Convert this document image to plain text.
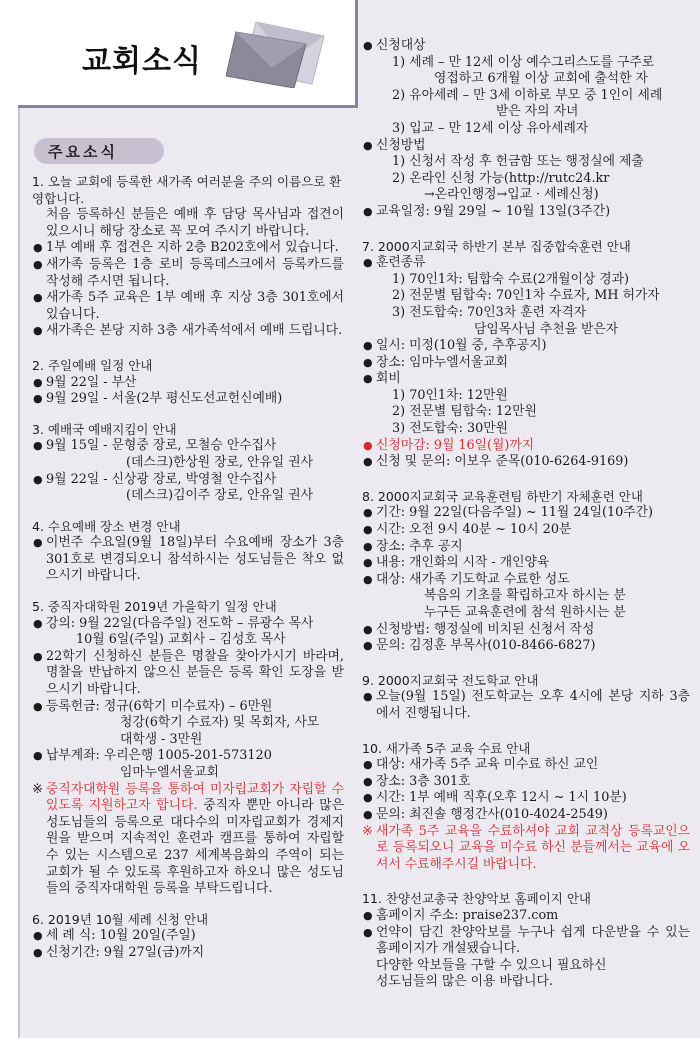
교회소식
주요소식
1. 오늘 교회에 등록한 새가족 여러분을 주의 이름으로 환영합니다.
처음 등록하신 분들은 예배 후 담당 목사님과 접견이 있으시니 해당 장소로 꼭 모여 주시기 바랍니다.
● 1부 예배 후 접견은 지하 2층 B202호에서 있습니다.
● 새가족 등록은 1층 로비 등록데스크에서 등록카드를 작성해 주시면 됩니다.
● 새가족 5주 교육은 1부 예배 후 지상 3층 301호에서 있습니다.
● 새가족은 본당 지하 3층 새가족석에서 예배 드립니다.
2. 주일예배 일정 안내
● 9월 22일 - 부산
● 9월 29일 - 서울(2부 평신도선교헌신예배)
3. 예배국 예배지킴이 안내
● 9월 15일 - 문형중 장로, 모철승 안수집사
(데스크)한상원 장로, 안유일 권사
● 9월 22일 - 신상광 장로, 박영철 안수집사
(데스크)김이주 장로, 안유일 권사
4. 수요예배 장소 변경 안내
● 이번주 수요일(9월 18일)부터 수요예배 장소가 3층 301호로 변경되오니 참석하시는 성도님들은 착오 없으시기 바랍니다.
5. 중직자대학원 2019년 가을학기 일정 안내
● 강의: 9월 22일(다음주일) 전도학 – 류광수 목사
10월 6일(주일) 교회사 – 김성호 목사
● 22학기 신청하신 분들은 명찰을 찾아가시기 바라며, 명찰을 반납하지 않으신 분들은 등록 확인 도장을 받으시기 바랍니다.
● 등록헌금: 정규(6학기 미수료자) – 6만원
청강(6학기 수료자) 및 목회자, 사모
대학생 - 3만원
● 납부계좌: 우리은행 1005-201-573120
임마누엘서울교회
※ 중직자대학원 등록을 통하여 미자립교회가 자립할 수 있도록 지원하고자 합니다. 중직자 뿐만 아니라 많은 성도님들의 등록으로 대다수의 미자립교회가 경제지원을 받으며 지속적인 훈련과 캠프를 통하여 자립할 수 있는 시스템으로 237 세계복음화의 주역이 되는 교회가 될 수 있도록 후원하고자 하오니 많은 성도님들의 중직자대학원 등록을 부탁드립니다.
6. 2019년 10월 세례 신청 안내
● 세 례 식: 10월 20일(주일)
● 신청기간: 9월 27일(금)까지
● 신청대상
1) 세례 – 만 12세 이상 예수그리스도를 구주로
영접하고 6개월 이상 교회에 출석한 자
2) 유아세례 – 만 3세 이하로 부모 중 1인이 세례
받은 자의 자녀
3) 입교 – 만 12세 이상 유아세례자
● 신청방법
1) 신청서 작성 후 헌금함 또는 행정실에 제출
2) 온라인 신청 가능(http://rutc24.kr
→온라인행정→입교 · 세례신청)
● 교육일정: 9월 29일 ~ 10월 13일(3주간)
7. 2000지교회국 하반기 본부 집중합숙훈련 안내
● 훈련종류
1) 70인1차: 팀합숙 수료(2개월이상 경과)
2) 전문별 팀합숙: 70인1차 수료자, MH 허가자
3) 전도합숙: 70인3차 훈련 자격자
담임목사님 추천을 받은자
● 일시: 미정(10월 중, 추후공지)
● 장소: 임마누엘서울교회
● 회비
1) 70인1차: 12만원
2) 전문별 팀합숙: 12만원
3) 전도합숙: 30만원
● 신청마감: 9월 16일(월)까지
● 신청 및 문의: 이보우 준목(010-6264-9169)
8. 2000지교회국 교육훈련팀 하반기 자체훈련 안내
● 기간: 9월 22일(다음주일) ~ 11월 24일(10주간)
● 시간: 오전 9시 40분 ~ 10시 20분
● 장소: 추후 공지
● 내용: 개인화의 시작 - 개인양육
● 대상: 새가족 기도학교 수료한 성도
복음의 기초를 확립하고자 하시는 분
누구든 교육훈련에 참석 원하시는 분
● 신청방법: 행정실에 비치된 신청서 작성
● 문의: 김정훈 부목사(010-8466-6827)
9. 2000지교회국 전도학교 안내
● 오늘(9월 15일) 전도학교는 오후 4시에 본당 지하 3층에서 진행됩니다.
10. 새가족 5주 교육 수료 안내
● 대상: 새가족 5주 교육 미수료 하신 교인
● 장소: 3층 301호
● 시간: 1부 예배 직후(오후 12시 ~ 1시 10분)
● 문의: 최진솔 행정간사(010-4024-2549)
※ 새가족 5주 교육을 수료하셔야 교회 교적상 등록교인으로 등록되오니 교육을 미수료 하신 분들께서는 교육에 오셔서 수료해주시길 바랍니다.
11. 찬양선교총국 찬양악보 홈페이지 안내
● 홈페이지 주소: praise237.com
● 언약이 담긴 찬양악보를 누구나 쉽게 다운받을 수 있는 홈페이지가 개설됐습니다.
다양한 악보들을 구할 수 있으니 필요하신
성도님들의 많은 이용 바랍니다.
